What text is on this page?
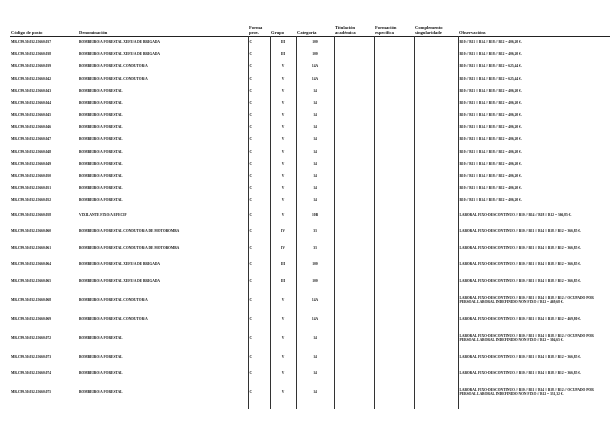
Código de posto	Denominación	Forma prov.	Grupo	Categoría	Titulación académica	Formación específica	Complemento singularidade	Observacións
MR.C99.50.032.15660.037	BOMBEIRO/A FORESTAL XEFE/A DE BRIGADA	C	III	100				B10 // B11 // B14 // B18 // B12 = 406,20 €.
MR.C99.50.032.15660.038	BOMBEIRO/A FORESTAL XEFE/A DE BRIGADA	C	III	100				B10 // B11 // B14 // B18 // B12 = 406,20 €.
MR.C99.50.032.15660.039	BOMBEIRO/A FORESTAL CONDUTOR/A	C	V	14A				B10 // B11 // B14 // B18 // B12 = 625,44 €.
MR.C99.50.032.15660.042	BOMBEIRO/A FORESTAL CONDUTOR/A	C	V	14A				B10 // B11 // B14 // B18 // B12 = 625,44 €.
MR.C99.50.032.15660.043	BOMBEIRO/A FORESTAL	C	V	14				B10 // B11 // B14 // B18 // B12 = 406,20 €.
MR.C99.50.032.15660.044	BOMBEIRO/A FORESTAL	C	V	14				B10 // B11 // B14 // B18 // B12 = 406,20 €.
MR.C99.50.032.15660.045	BOMBEIRO/A FORESTAL	C	V	14				B10 // B11 // B14 // B18 // B12 = 406,20 €.
MR.C99.50.032.15660.046	BOMBEIRO/A FORESTAL	C	V	14				B10 // B11 // B14 // B18 // B12 = 406,20 €.
MR.C99.50.032.15660.047	BOMBEIRO/A FORESTAL	C	V	14				B10 // B11 // B14 // B18 // B12 = 406,20 €.
MR.C99.50.032.15660.048	BOMBEIRO/A FORESTAL	C	V	14				B10 // B11 // B14 // B18 // B12 = 406,20 €.
MR.C99.50.032.15660.049	BOMBEIRO/A FORESTAL	C	V	14				B10 // B11 // B14 // B18 // B12 = 406,20 €.
MR.C99.50.032.15660.050	BOMBEIRO/A FORESTAL	C	V	14				B10 // B11 // B14 // B18 // B12 = 406,20 €.
MR.C99.50.032.15660.051	BOMBEIRO/A FORESTAL	C	V	14				B10 // B11 // B14 // B18 // B12 = 406,20 €.
MR.C99.50.032.15660.052	BOMBEIRO/A FORESTAL	C	V	14				B10 // B11 // B14 // B18 // B12 = 406,20 €.
MR.C99.50.032.15660.058	VIXILANTE FIXO/A EFECIF	C	V	10B				LABORAL FIXO-DESCONTINUO // B10 // B14 // B18 // B12 = 366,85 €.
MR.C99.50.032.15660.060	BOMBEIRO/A FORESTAL CONDUTOR/A DE MOTOBOMBA	C	IV	33				LABORAL FIXO-DESCONTINUO // B10 // B11 // B14 // B18 // B12 = 366,85 €.
MR.C99.50.032.15660.061	BOMBEIRO/A FORESTAL CONDUTOR/A DE MOTOBOMBA	C	IV	33				LABORAL FIXO-DESCONTINUO // B10 // B11 // B14 // B18 // B12 = 366,85 €.
MR.C99.50.032.15660.064	BOMBEIRO/A FORESTAL XEFE/A DE BRIGADA	C	III	100				LABORAL FIXO-DESCONTINUO // B10 // B11 // B14 // B18 // B12 = 366,85 €.
MR.C99.50.032.15660.065	BOMBEIRO/A FORESTAL XEFE/A DE BRIGADA	C	III	100				LABORAL FIXO-DESCONTINUO // B10 // B11 // B14 // B18 // B12 = 366,85 €.
MR.C99.50.032.15660.068	BOMBEIRO/A FORESTAL CONDUTOR/A	C	V	14A				LABORAL FIXO-DESCONTINUO // B10 // B11 // B14 // B18 // B12 // OCUPADO POR PERSOAL LABORAL INDEFINIDO NON FIXO // B12 = 469,68 €.
MR.C99.50.032.15660.069	BOMBEIRO/A FORESTAL CONDUTOR/A	C	V	14A				LABORAL FIXO-DESCONTINUO // B10 // B11 // B14 // B18 // B12 = 469,80 €.
MR.C99.50.032.15660.072	BOMBEIRO/A FORESTAL	C	V	14				LABORAL FIXO-DESCONTINUO // B10 // B11 // B14 // B18 // B12 // OCUPADO POR PERSOAL LABORAL INDEFINIDO NON FIXO // B12 = 304,65 €.
MR.C99.50.032.15660.073	BOMBEIRO/A FORESTAL	C	V	14				LABORAL FIXO-DESCONTINUO // B10 // B11 // B14 // B18 // B12 = 366,85 €.
MR.C99.50.032.15660.074	BOMBEIRO/A FORESTAL	C	V	14				LABORAL FIXO-DESCONTINUO // B10 // B11 // B14 // B18 // B12 = 366,85 €.
MR.C99.50.032.15660.075	BOMBEIRO/A FORESTAL	C	V	14				LABORAL FIXO-DESCONTINUO // B10 // B11 // B14 // B18 // B12 // OCUPADO POR PERSOAL LABORAL INDEFINIDO NON FIXO // B12 = 331,32 €.
